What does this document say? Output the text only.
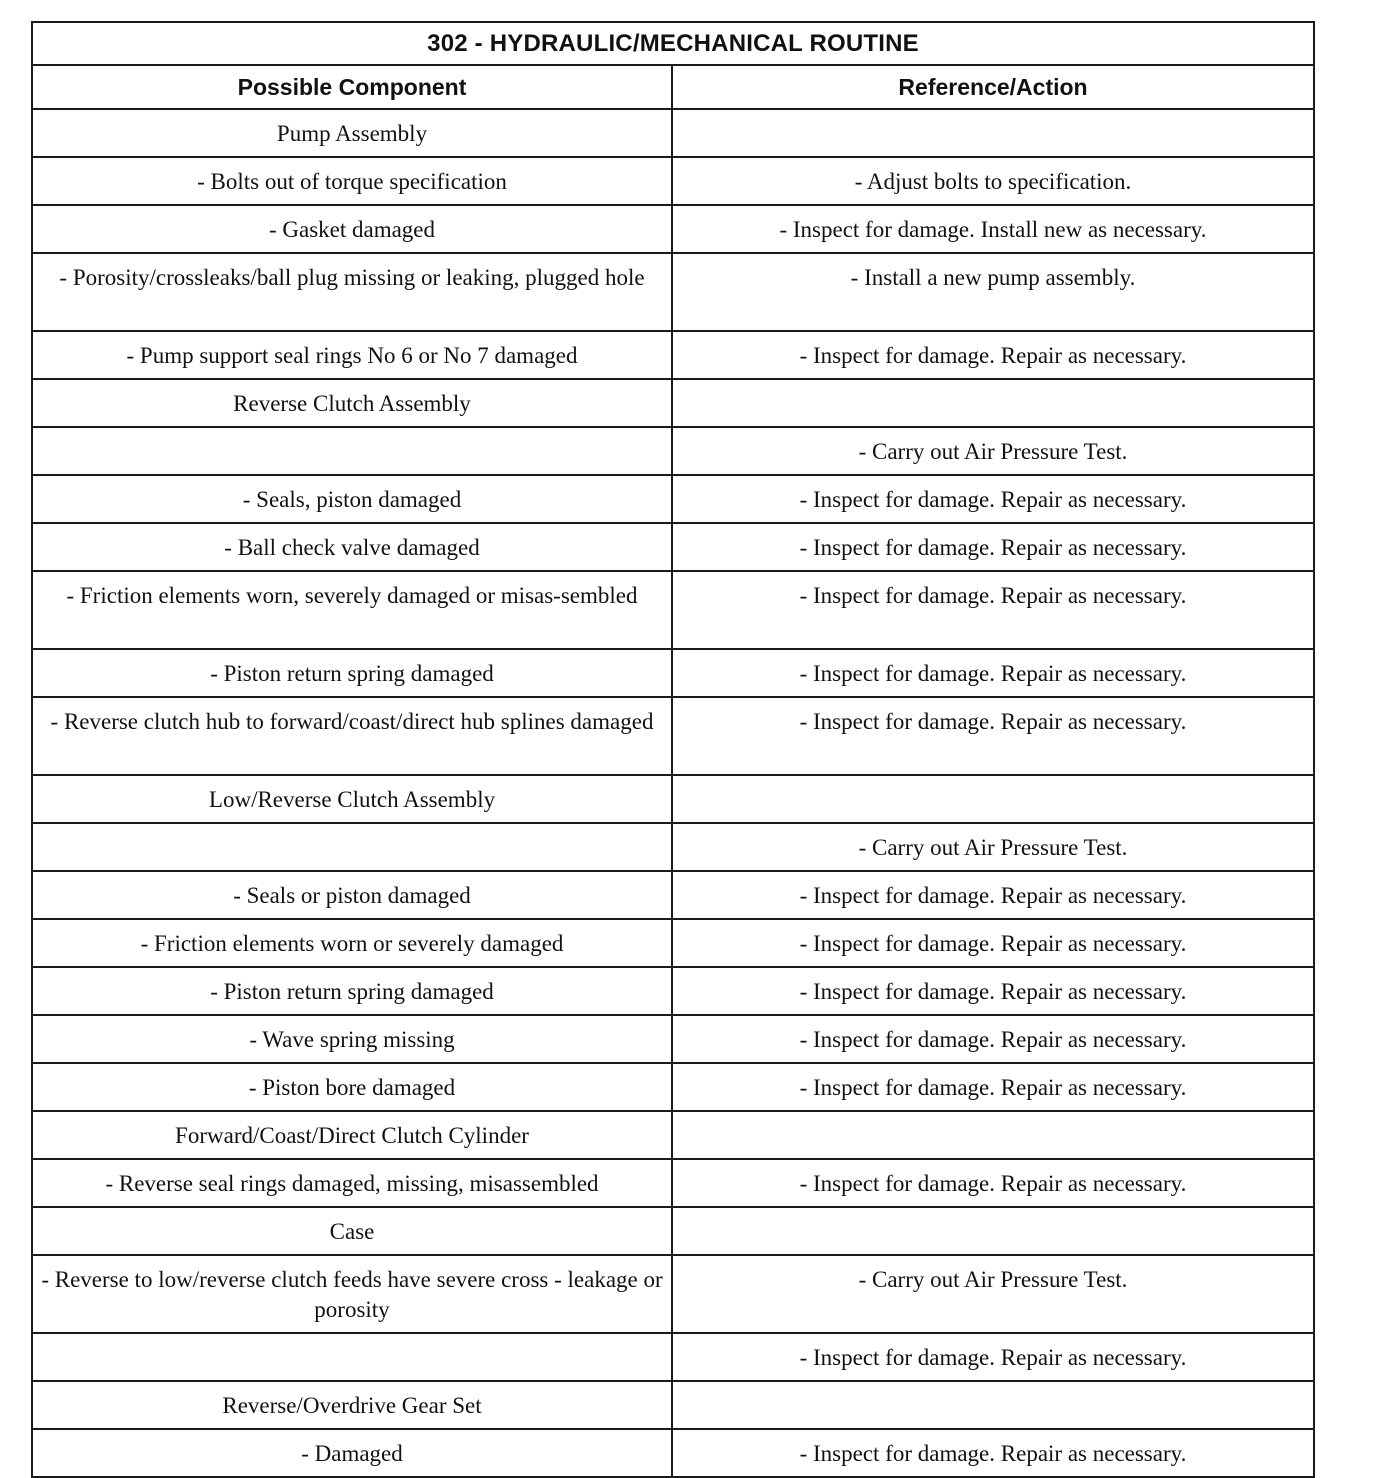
302 - HYDRAULIC/MECHANICAL ROUTINE	
Possible Component	Reference/Action
Pump Assembly	
- Bolts out of torque specification	- Adjust bolts to specification.
- Gasket damaged	- Inspect for damage. Install new as necessary.
- Porosity/crossleaks/ball plug missing or leaking, plugged hole	- Install a new pump assembly.
- Pump support seal rings No 6 or No 7 damaged	- Inspect for damage. Repair as necessary.
Reverse Clutch Assembly	
	- Carry out Air Pressure Test.
- Seals, piston damaged	- Inspect for damage. Repair as necessary.
- Ball check valve damaged	- Inspect for damage. Repair as necessary.
- Friction elements worn, severely damaged or misas-sembled	- Inspect for damage. Repair as necessary.
- Piston return spring damaged	- Inspect for damage. Repair as necessary.
- Reverse clutch hub to forward/coast/direct hub splines damaged	- Inspect for damage. Repair as necessary.
Low/Reverse Clutch Assembly	
	- Carry out Air Pressure Test.
- Seals or piston damaged	- Inspect for damage. Repair as necessary.
- Friction elements worn or severely damaged	- Inspect for damage. Repair as necessary.
- Piston return spring damaged	- Inspect for damage. Repair as necessary.
- Wave spring missing	- Inspect for damage. Repair as necessary.
- Piston bore damaged	- Inspect for damage. Repair as necessary.
Forward/Coast/Direct Clutch Cylinder	
- Reverse seal rings damaged, missing, misassembled	- Inspect for damage. Repair as necessary.
Case	
- Reverse to low/reverse clutch feeds have severe cross - leakage or porosity	- Carry out Air Pressure Test.
	- Inspect for damage. Repair as necessary.
Reverse/Overdrive Gear Set	
- Damaged	- Inspect for damage. Repair as necessary.
